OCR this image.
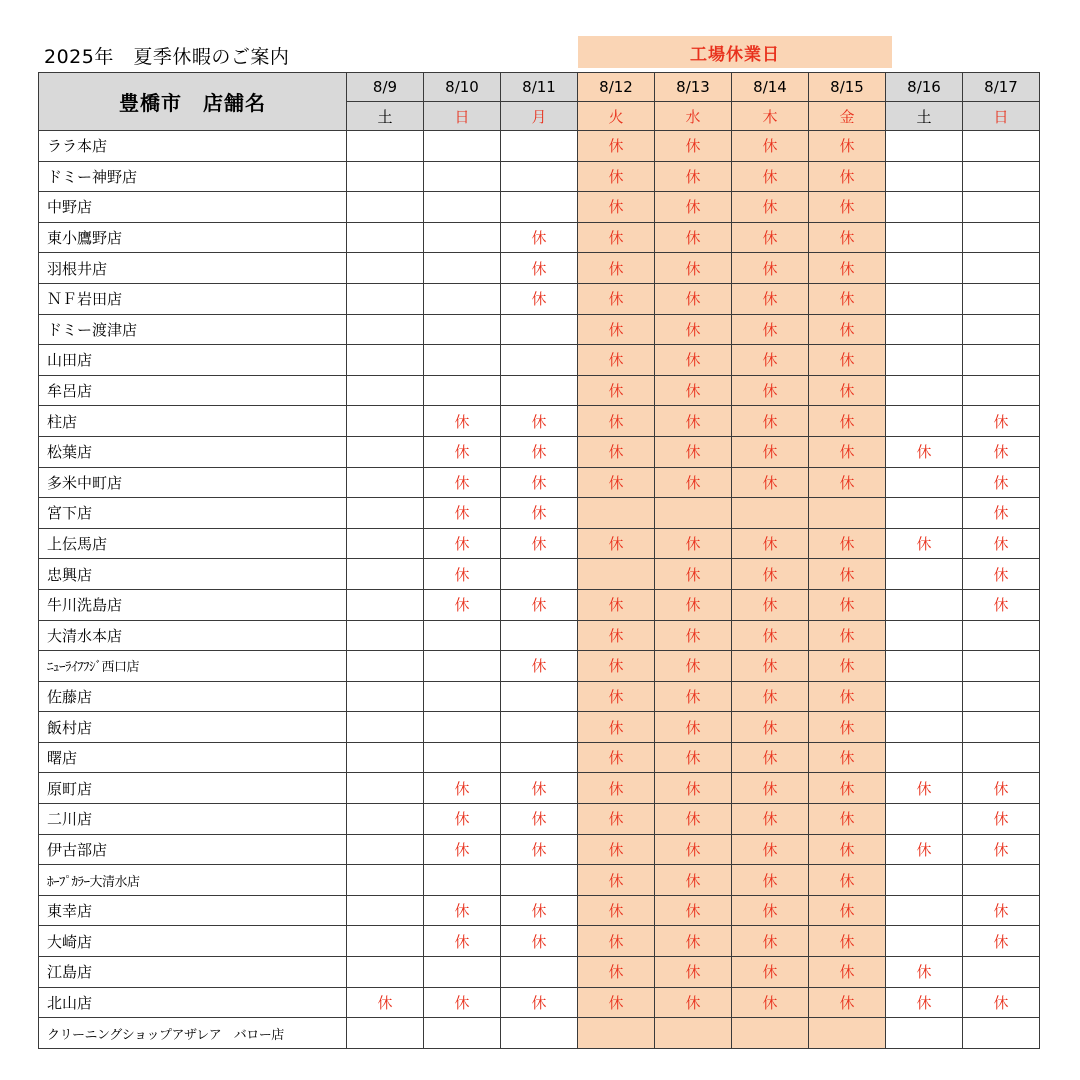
2025年　夏季休暇のご案内	工場休業日
豊橋市　店舗名	8/9	8/10	8/11	8/12	8/13	8/14	8/15	8/16	8/17
	土	日	月	火	水	木	金	土	日
ララ本店				休	休	休	休		
ドミー神野店				休	休	休	休		
中野店				休	休	休	休		
東小鷹野店			休	休	休	休	休		
羽根井店			休	休	休	休	休		
ＮＦ岩田店			休	休	休	休	休		
ドミー渡津店				休	休	休	休		
山田店				休	休	休	休		
牟呂店				休	休	休	休		
柱店		休	休	休	休	休	休		休
松葉店		休	休	休	休	休	休	休	休
多米中町店		休	休	休	休	休	休		休
宮下店		休	休						休
上伝馬店		休	休	休	休	休	休	休	休
忠興店		休			休	休	休		休
牛川洗島店		休	休	休	休	休	休		休
大清水本店				休	休	休	休		
ﾆｭｰﾗｲﾌﾌｼﾞ西口店			休	休	休	休	休		
佐藤店				休	休	休	休		
飯村店				休	休	休	休		
曙店				休	休	休	休		
原町店		休	休	休	休	休	休	休	休
二川店		休	休	休	休	休	休		休
伊古部店		休	休	休	休	休	休	休	休
ﾎｰﾌﾟｶﾗｰ大清水店				休	休	休	休		
東幸店		休	休	休	休	休	休		休
大崎店		休	休	休	休	休	休		休
江島店				休	休	休	休	休	
北山店	休	休	休	休	休	休	休	休	休
クリーニングショップアザレア　バロー店									
